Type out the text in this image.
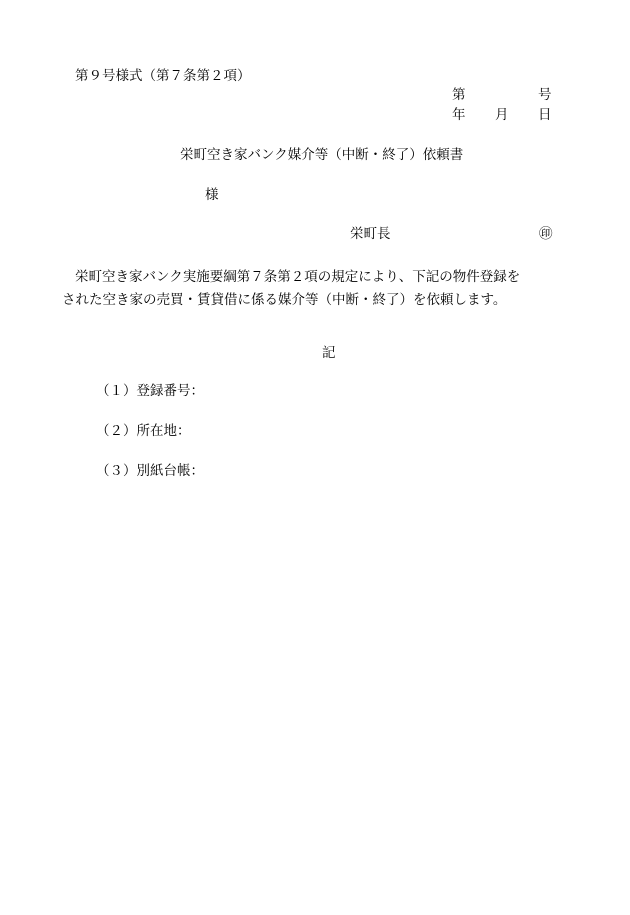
第９号様式（第７条第２項）
第	号
年 月 日
栄町空き家バンク媒介等（中断・終了）依頼書
様
栄町長	㊞
栄町空き家バンク実施要綱第７条第２項の規定により、下記の物件登録を
された空き家の売買・賃貸借に係る媒介等（中断・終了）を依頼します。
記
（１）登録番号：
（２）所在地：
（３）別紙台帳：
